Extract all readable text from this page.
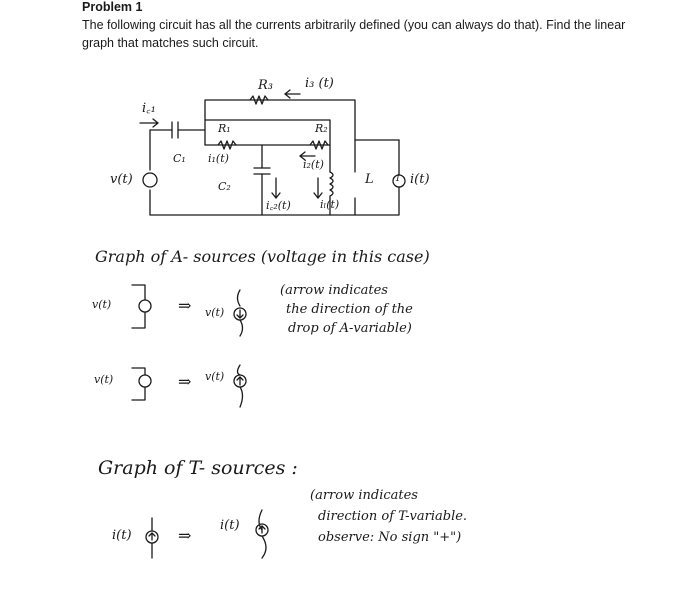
Problem 1
The following circuit has all the currents arbitrarily defined (you can always do that). Find the linear graph that matches such circuit.
R₃ i₃ (t)
i꜀₁
R₁	R₂
C₁ i₁(t)	i₂(t)
v(t)	C₂
i꜀₂(t)	iₗ(t)
L 1 i(t)
Graph of A- sources (voltage in this case)
v(t)	⇒ v(t)
(arrow indicates
the direction of the
drop of A-variable)
v(t)	⇒ v(t)
Graph of T- sources :
i(t)	⇒
i(t)
(arrow indicates
direction of T-variable.
observe: No sign "+")
